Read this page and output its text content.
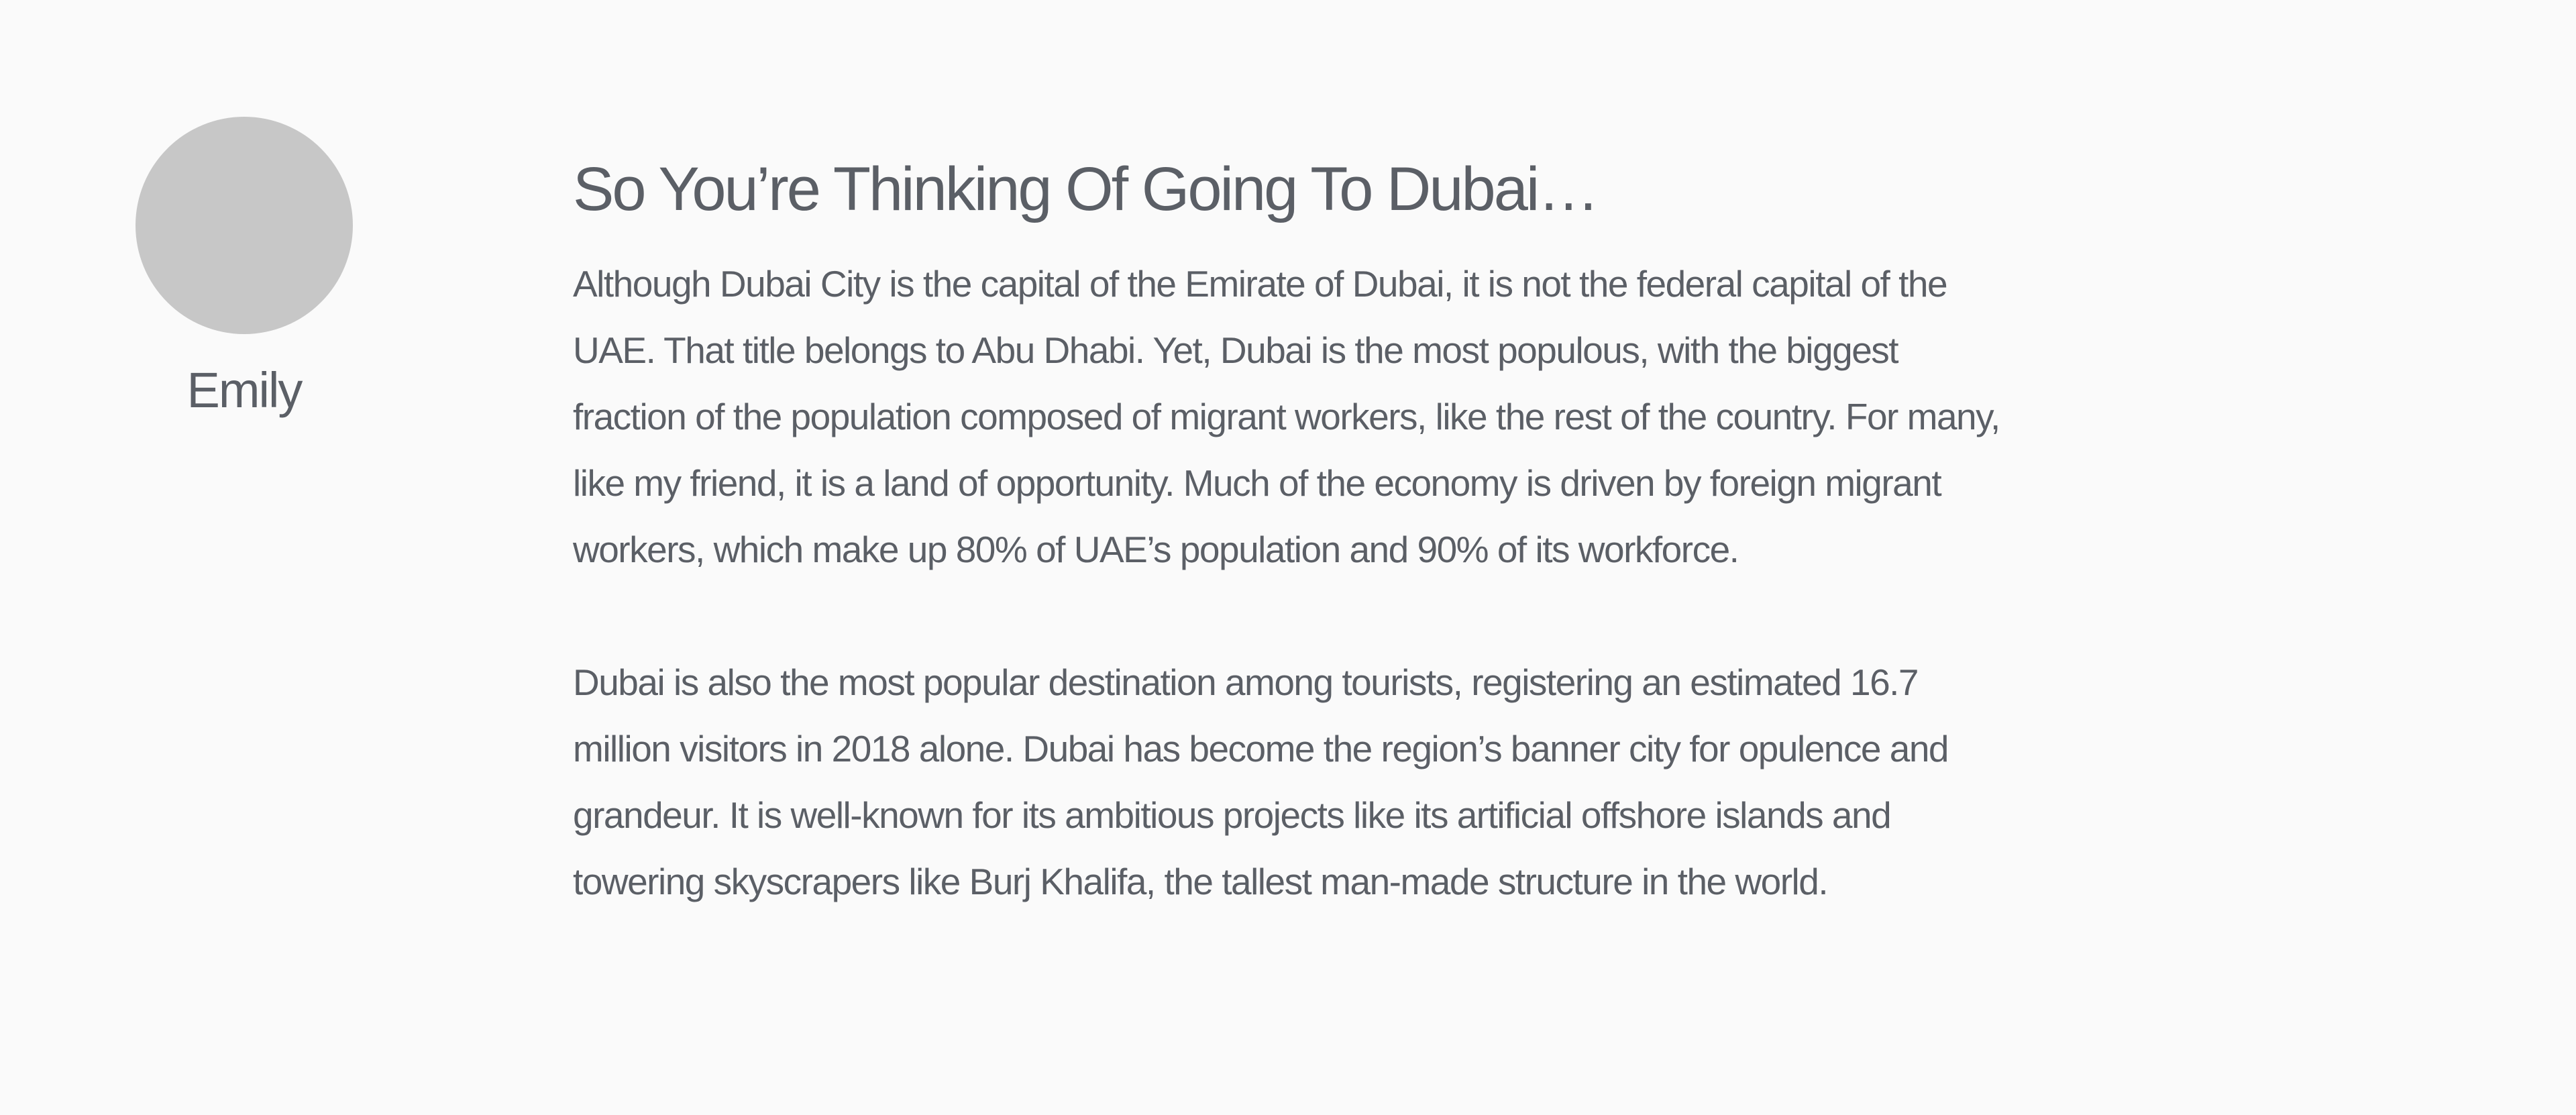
Emily
So You’re Thinking Of Going To Dubai…

Although Dubai City is the capital of the Emirate of Dubai, it is not the federal capital of the
UAE. That title belongs to Abu Dhabi. Yet, Dubai is the most populous, with the biggest
fraction of the population composed of migrant workers, like the rest of the country. For many,
like my friend, it is a land of opportunity. Much of the economy is driven by foreign migrant
workers, which make up 80% of UAE’s population and 90% of its workforce.

Dubai is also the most popular destination among tourists, registering an estimated 16.7
million visitors in 2018 alone. Dubai has become the region’s banner city for opulence and
grandeur. It is well-known for its ambitious projects like its artificial offshore islands and
towering skyscrapers like Burj Khalifa, the tallest man-made structure in the world.
